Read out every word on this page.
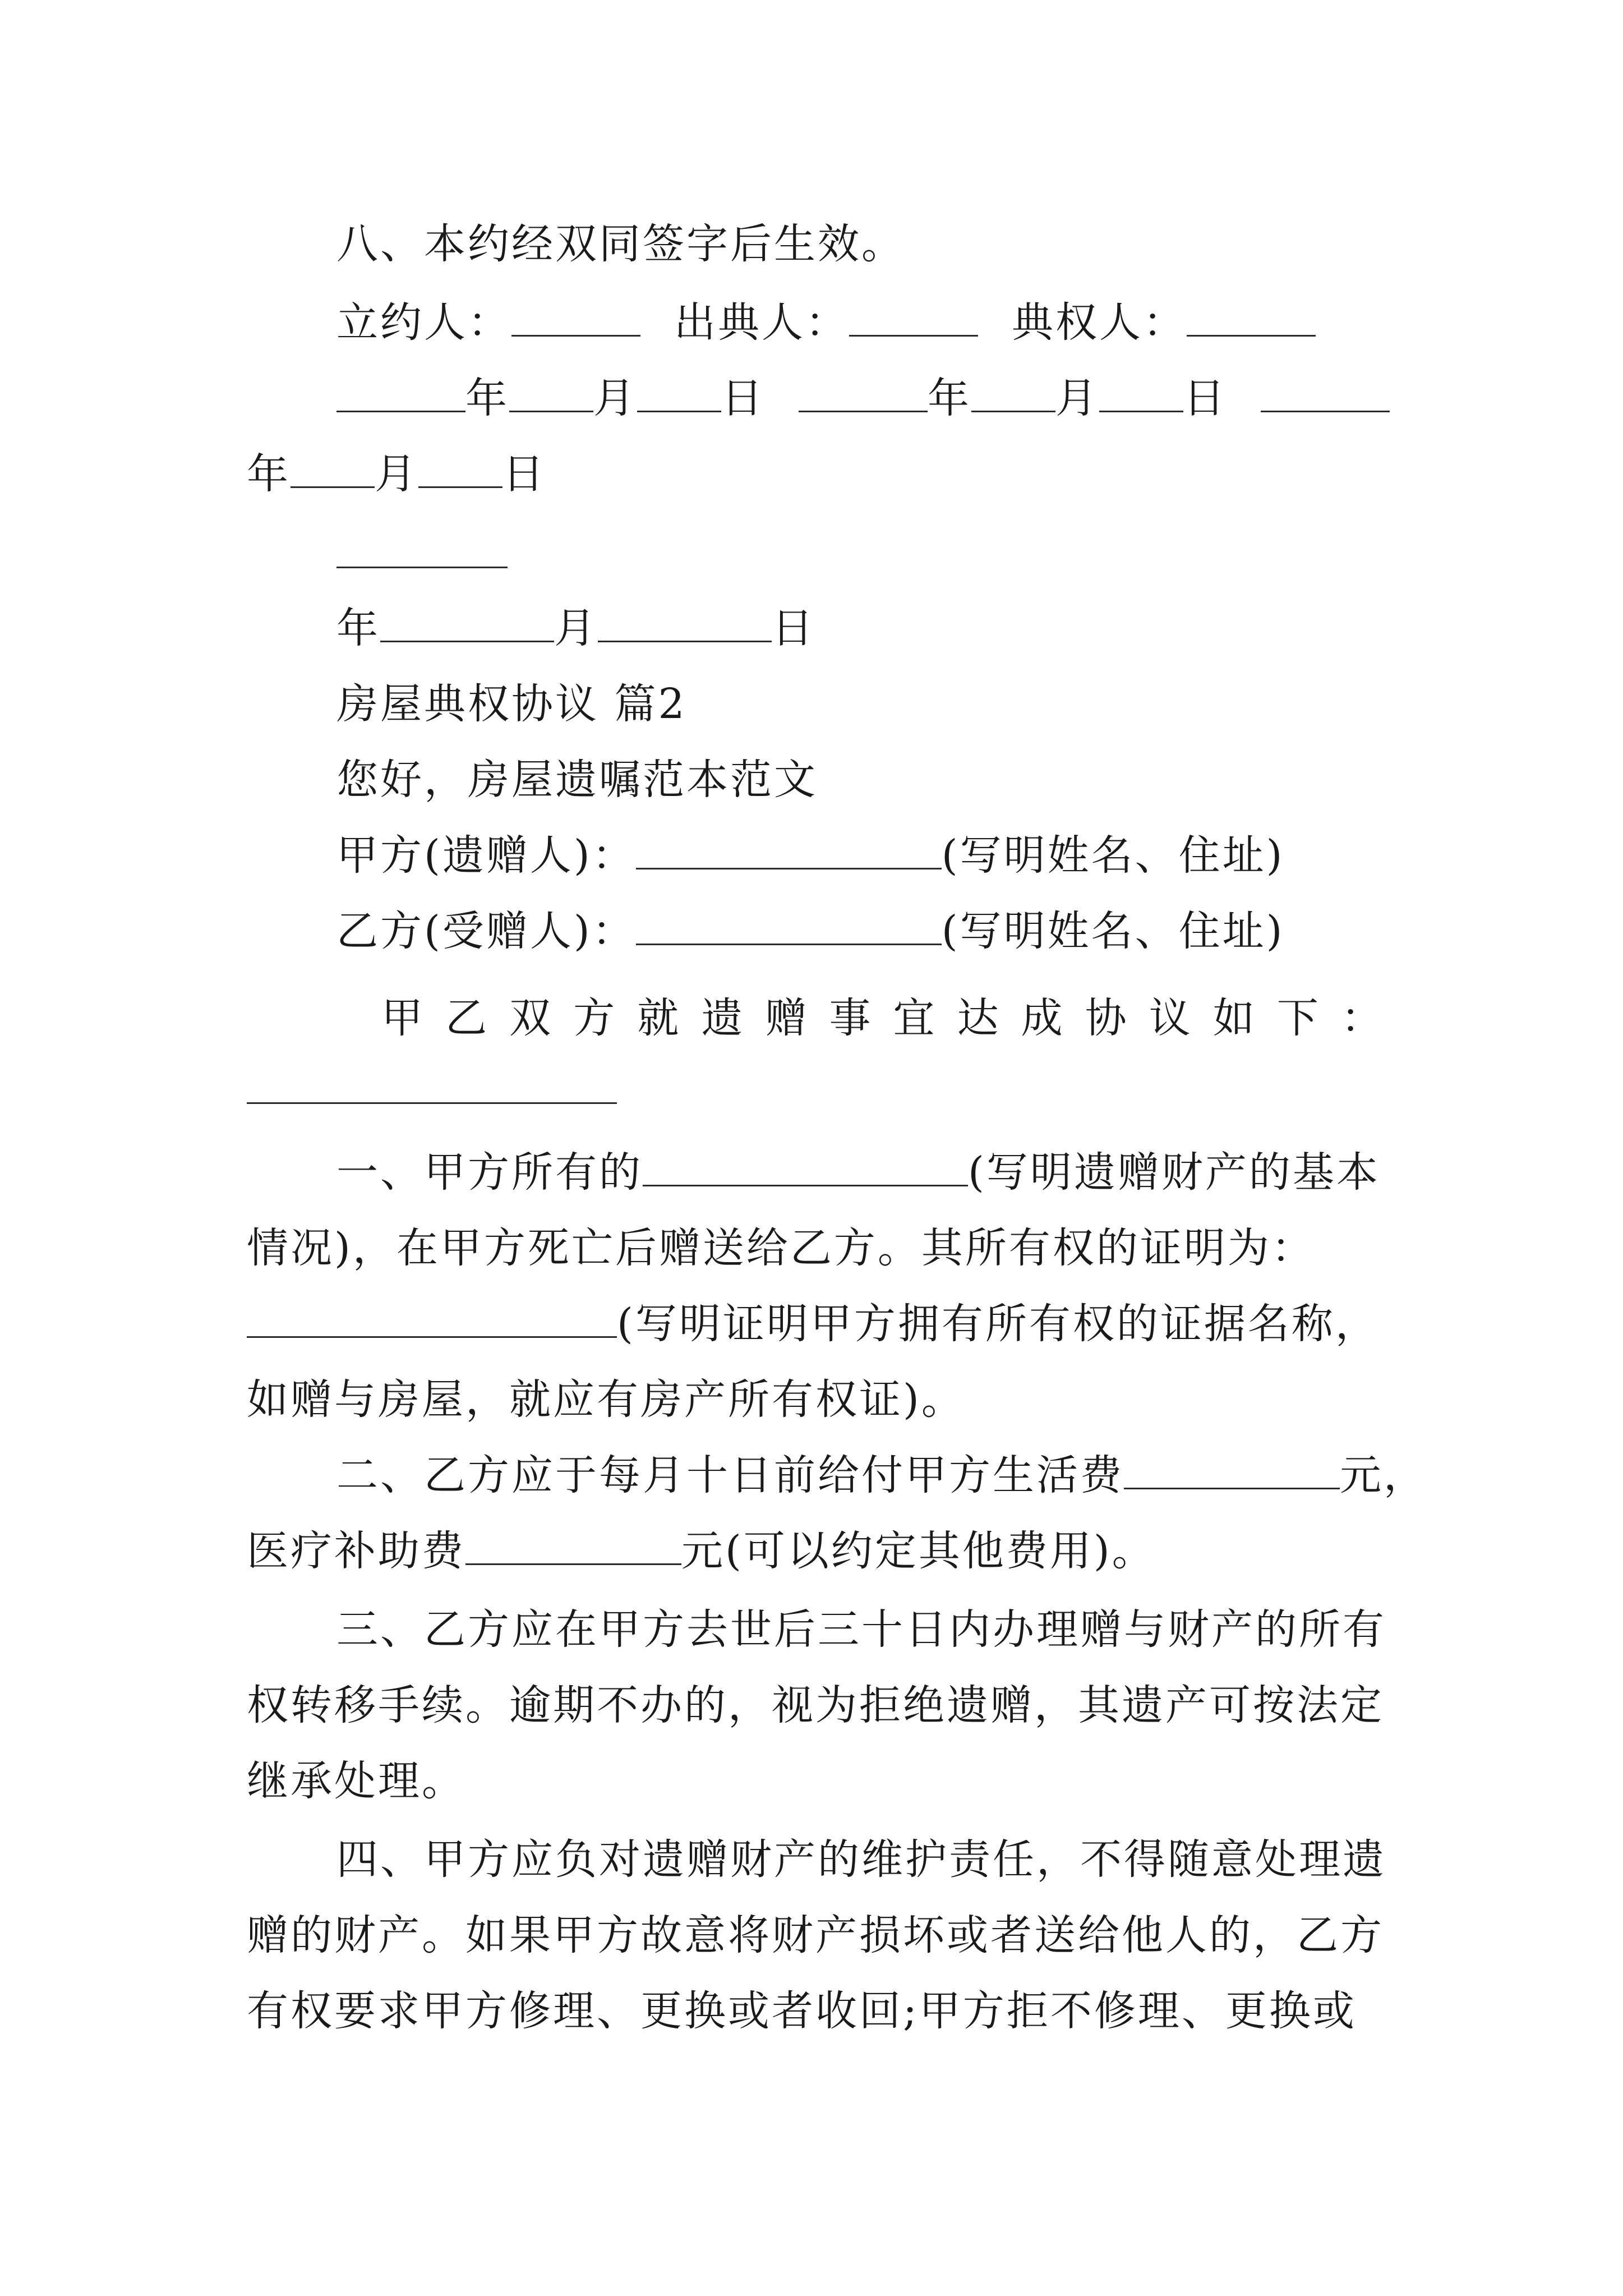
八、本约经双同签字后生效。
立约人：	出典人：	典权人：
年 月 日	年 月 日
年 月 日
年	月	日
房屋典权协议 篇2
您好，房屋遗嘱范本范文
甲方(遗赠人)：	(写明姓名、住址)
乙方(受赠人)：	(写明姓名、住址)
甲 乙 双 方 就 遗 赠 事 宜 达 成 协 议 如 下 ：
一、甲方所有的	(写明遗赠财产的基本
情况)，在甲方死亡后赠送给乙方。其所有权的证明为：
(写明证明甲方拥有所有权的证据名称，
如赠与房屋，就应有房产所有权证)。
二、乙方应于每月十日前给付甲方生活费	元，
医疗补助费	元(可以约定其他费用)。
三、乙方应在甲方去世后三十日内办理赠与财产的所有
权转移手续。逾期不办的，视为拒绝遗赠，其遗产可按法定
继承处理。
四、甲方应负对遗赠财产的维护责任，不得随意处理遗
赠的财产。如果甲方故意将财产损坏或者送给他人的，乙方
有权要求甲方修理、更换或者收回;甲方拒不修理、更换或
